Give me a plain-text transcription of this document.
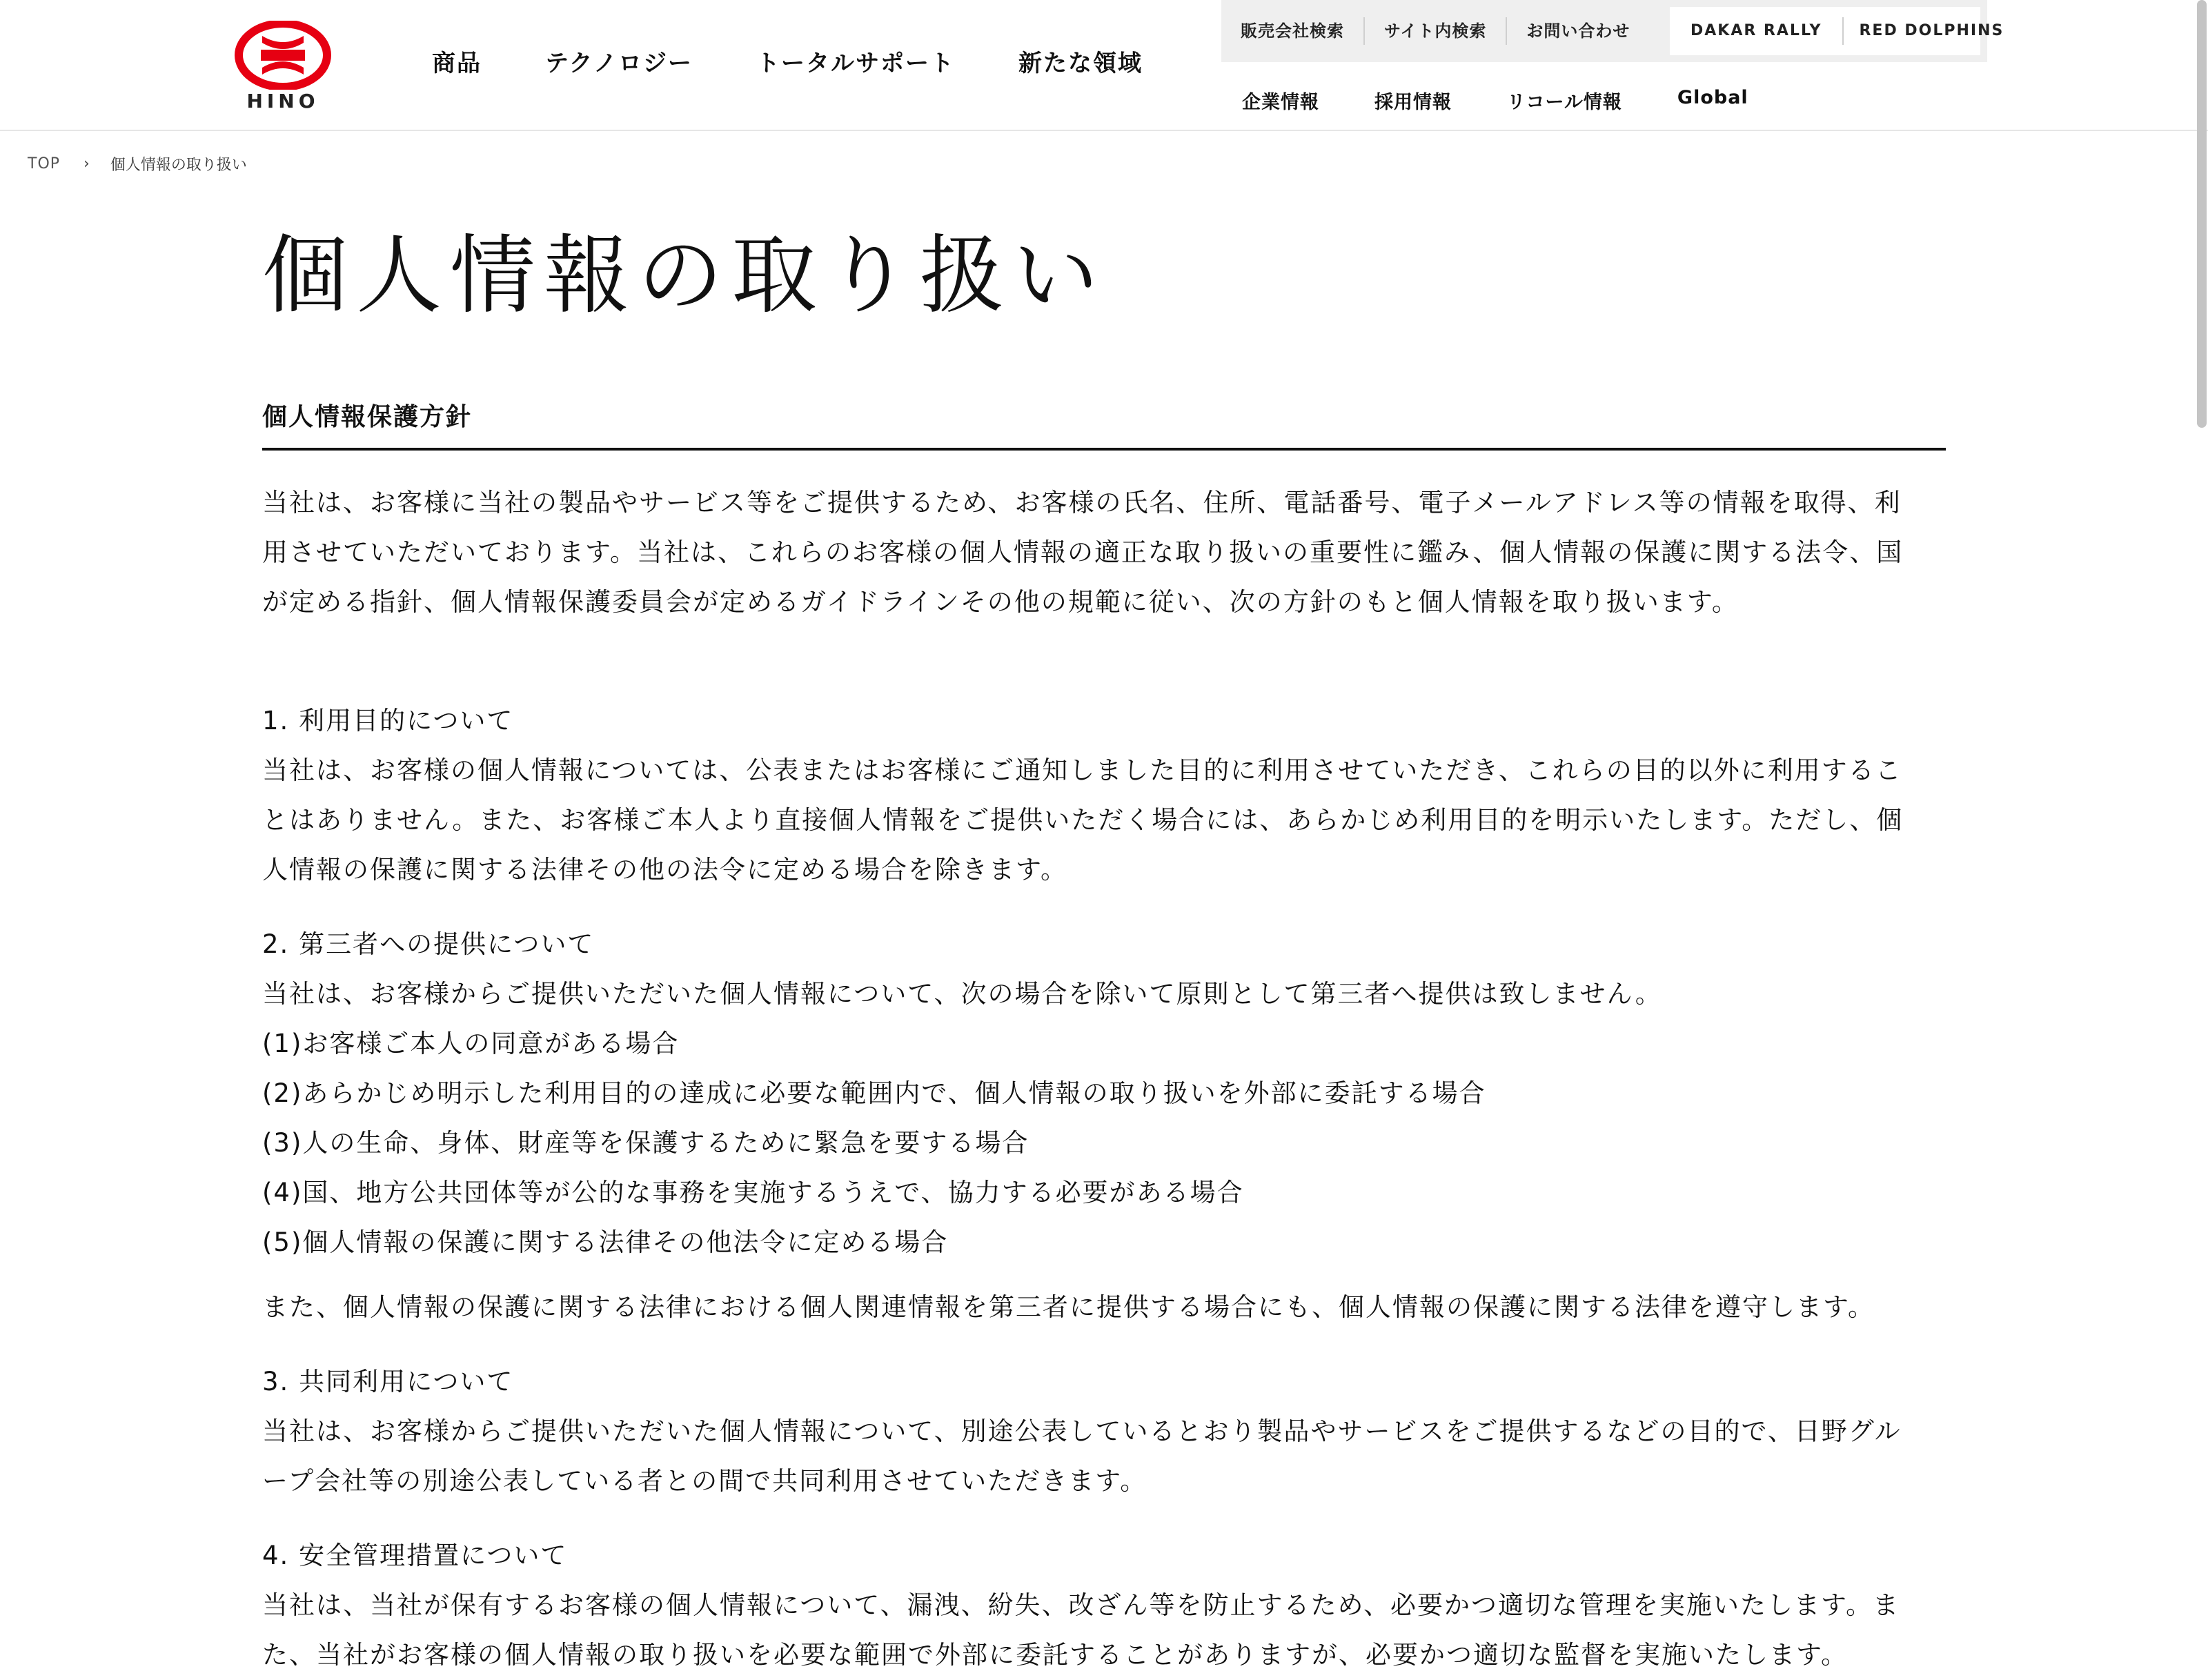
HINO
商品	テクノロジー	トータルサポート	新たな領域
販売会社検索	サイト内検索	お問い合わせ	DAKAR RALLY	RED DOLPHINS
企業情報	採用情報	リコール情報	Global
TOP › 個人情報の取り扱い
個人情報の取り扱い
個人情報保護方針
当社は、お客様に当社の製品やサービス等をご提供するため、お客様の氏名、住所、電話番号、電子メールアドレス等の情報を取得、利
用させていただいております。当社は、これらのお客様の個人情報の適正な取り扱いの重要性に鑑み、個人情報の保護に関する法令、国
が定める指針、個人情報保護委員会が定めるガイドラインその他の規範に従い、次の方針のもと個人情報を取り扱います。
1. 利用目的について
当社は、お客様の個人情報については、公表またはお客様にご通知しました目的に利用させていただき、これらの目的以外に利用するこ
とはありません。また、お客様ご本人より直接個人情報をご提供いただく場合には、あらかじめ利用目的を明示いたします。ただし、個
人情報の保護に関する法律その他の法令に定める場合を除きます。
2. 第三者への提供について
当社は、お客様からご提供いただいた個人情報について、次の場合を除いて原則として第三者へ提供は致しません。
(1)お客様ご本人の同意がある場合
(2)あらかじめ明示した利用目的の達成に必要な範囲内で、個人情報の取り扱いを外部に委託する場合
(3)人の生命、身体、財産等を保護するために緊急を要する場合
(4)国、地方公共団体等が公的な事務を実施するうえで、協力する必要がある場合
(5)個人情報の保護に関する法律その他法令に定める場合
また、個人情報の保護に関する法律における個人関連情報を第三者に提供する場合にも、個人情報の保護に関する法律を遵守します。
3. 共同利用について
当社は、お客様からご提供いただいた個人情報について、別途公表しているとおり製品やサービスをご提供するなどの目的で、日野グル
ープ会社等の別途公表している者との間で共同利用させていただきます。
4. 安全管理措置について
当社は、当社が保有するお客様の個人情報について、漏洩、紛失、改ざん等を防止するため、必要かつ適切な管理を実施いたします。ま
た、当社がお客様の個人情報の取り扱いを必要な範囲で外部に委託することがありますが、必要かつ適切な監督を実施いたします。
